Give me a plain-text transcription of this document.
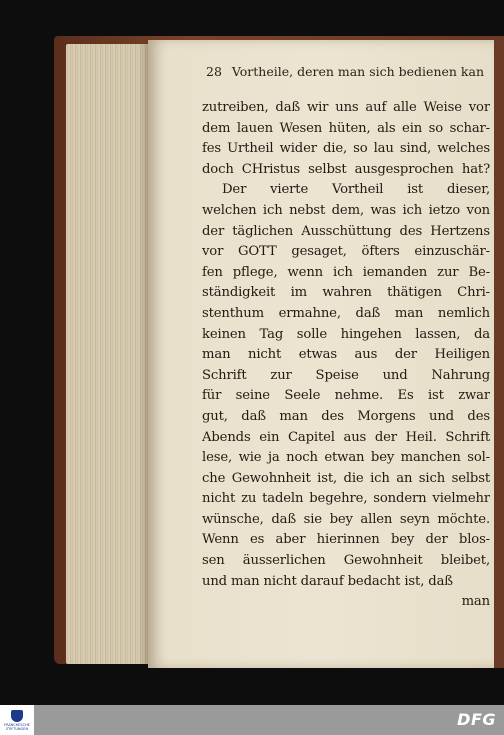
28 Vortheile, deren man sich bedienen kan
zutreiben, daß wir uns auf alle Weise vor
dem lauen Wesen hüten, als ein so schar-
fes Urtheil wider die, so lau sind, welches
doch CHristus selbst ausgesprochen hat?
Der vierte Vortheil ist dieser,
welchen ich nebst dem, was ich ietzo von
der täglichen Ausschüttung des Hertzens
vor GOTT gesaget, öfters einzuschär-
fen pflege, wenn ich iemanden zur Be-
ständigkeit im wahren thätigen Chri-
stenthum ermahne, daß man nemlich
keinen Tag solle hingehen lassen, da
man nicht etwas aus der Heiligen
Schrift zur Speise und Nahrung
für seine Seele nehme. Es ist zwar
gut, daß man des Morgens und des
Abends ein Capitel aus der Heil. Schrift
lese, wie ja noch etwan bey manchen sol-
che Gewohnheit ist, die ich an sich selbst
nicht zu tadeln begehre, sondern vielmehr
wünsche, daß sie bey allen seyn möchte.
Wenn es aber hierinnen bey der blos-
sen äusserlichen Gewohnheit bleibet,
und man nicht darauf bedacht ist, daß
man
FRANCKESCHE STIFTUNGEN	DFG
